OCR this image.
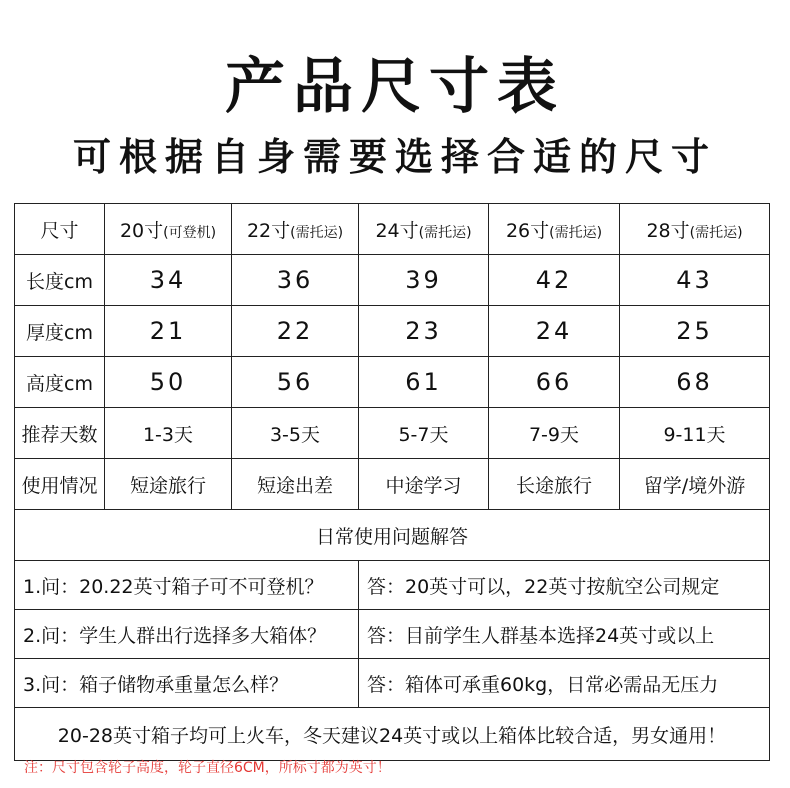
产品尺寸表
可根据自身需要选择合适的尺寸
尺寸	20寸(可登机)	22寸(需托运)	24寸(需托运)	26寸(需托运)	28寸(需托运)
长度cm	34	36	39	42	43
厚度cm	21	22	23	24	25
高度cm	50	56	61	66	68
推荐天数	1-3天	3-5天	5-7天	7-9天	9-11天
使用情况	短途旅行	短途出差	中途学习	长途旅行	留学/境外游
日常使用问题解答					
1.问：20.22英寸箱子可不可登机？			答：20英寸可以，22英寸按航空公司规定		
2.问：学生人群出行选择多大箱体？			答：目前学生人群基本选择24英寸或以上		
3.问：箱子储物承重量怎么样？			答：箱体可承重60kg，日常必需品无压力		
20-28英寸箱子均可上火车，冬天建议24英寸或以上箱体比较合适，男女通用！					
注：尺寸包含轮子高度，轮子直径6CM，所标寸都为英寸！
